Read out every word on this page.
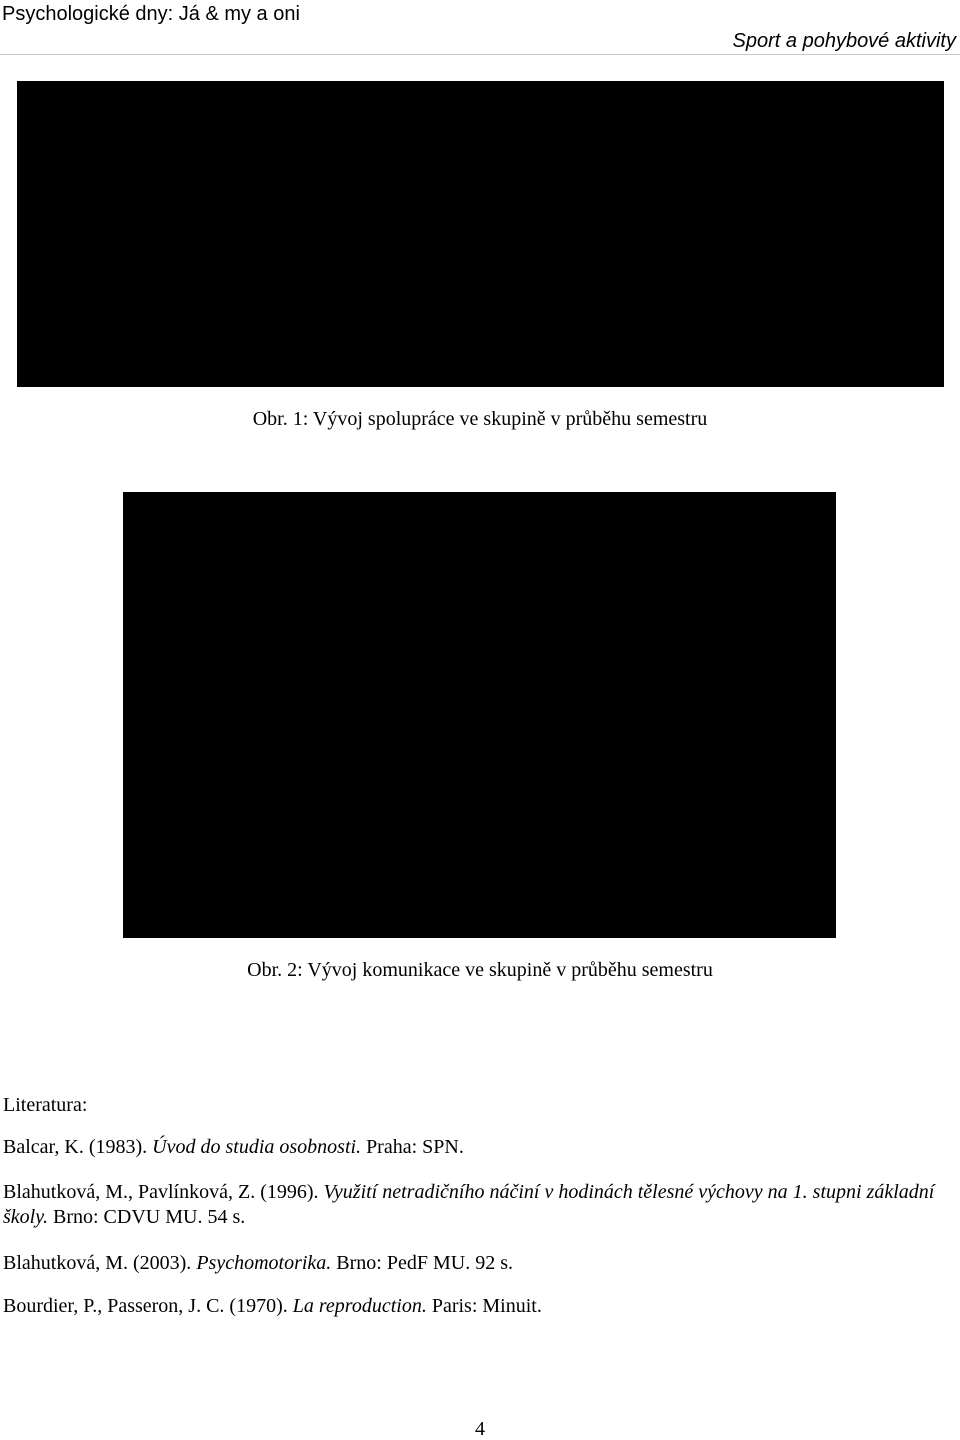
Psychologické dny: Já & my a oni
Sport a pohybové aktivity
Obr. 1: Vývoj spolupráce ve skupině v průběhu semestru
Obr. 2: Vývoj komunikace ve skupině v průběhu semestru
Literatura:
Balcar, K. (1983). Úvod do studia osobnosti. Praha: SPN.
Blahutková, M., Pavlínková, Z. (1996). Využití netradičního náčiní v hodinách tělesné výchovy na 1. stupni základní školy. Brno: CDVU MU. 54 s.
Blahutková, M. (2003). Psychomotorika. Brno: PedF MU. 92 s.
Bourdier, P., Passeron, J. C. (1970). La reproduction. Paris: Minuit.
4
